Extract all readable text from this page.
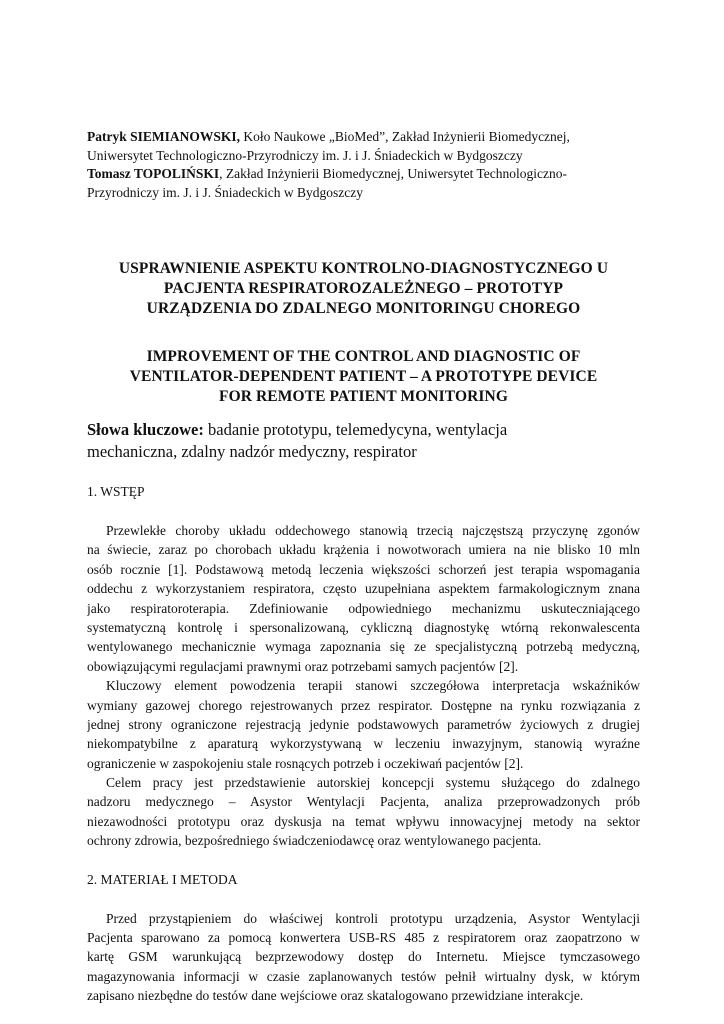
Patryk SIEMIANOWSKI, Koło Naukowe „BioMed”, Zakład Inżynierii Biomedycznej,
Uniwersytet Technologiczno-Przyrodniczy im. J. i J. Śniadeckich w Bydgoszczy
Tomasz TOPOLIŃSKI, Zakład Inżynierii Biomedycznej, Uniwersytet Technologiczno-
Przyrodniczy im. J. i J. Śniadeckich w Bydgoszczy

USPRAWNIENIE ASPEKTU KONTROLNO-DIAGNOSTYCZNEGO U
PACJENTA RESPIRATOROZALEŻNEGO – PROTOTYP
URZĄDZENIA DO ZDALNEGO MONITORINGU CHOREGO
IMPROVEMENT OF THE CONTROL AND DIAGNOSTIC OF
VENTILATOR-DEPENDENT PATIENT – A PROTOTYPE DEVICE
FOR REMOTE PATIENT MONITORING
Słowa kluczowe: badanie prototypu, telemedycyna, wentylacja
mechaniczna, zdalny nadzór medyczny, respirator
1. WSTĘP
Przewlekłe choroby układu oddechowego stanowią trzecią najczęstszą przyczynę zgonów
na świecie, zaraz po chorobach układu krążenia i nowotworach umiera na nie blisko 10 mln
osób rocznie [1]. Podstawową metodą leczenia większości schorzeń jest terapia wspomagania
oddechu z wykorzystaniem respiratora, często uzupełniana aspektem farmakologicznym znana
jako respiratoroterapia. Zdefiniowanie odpowiedniego mechanizmu uskuteczniającego
systematyczną kontrolę i spersonalizowaną, cykliczną diagnostykę wtórną rekonwalescenta
wentylowanego mechanicznie wymaga zapoznania się ze specjalistyczną potrzebą medyczną,
obowiązującymi regulacjami prawnymi oraz potrzebami samych pacjentów [2].
Kluczowy element powodzenia terapii stanowi szczegółowa interpretacja wskaźników
wymiany gazowej chorego rejestrowanych przez respirator. Dostępne na rynku rozwiązania z
jednej strony ograniczone rejestracją jedynie podstawowych parametrów życiowych z drugiej
niekompatybilne z aparaturą wykorzystywaną w leczeniu inwazyjnym, stanowią wyraźne
ograniczenie w zaspokojeniu stale rosnących potrzeb i oczekiwań pacjentów [2].
Celem pracy jest przedstawienie autorskiej koncepcji systemu służącego do zdalnego
nadzoru medycznego – Asystor Wentylacji Pacjenta, analiza przeprowadzonych prób
niezawodności prototypu oraz dyskusja na temat wpływu innowacyjnej metody na sektor
ochrony zdrowia, bezpośredniego świadczeniodawcę oraz wentylowanego pacjenta.
2. MATERIAŁ I METODA
Przed przystąpieniem do właściwej kontroli prototypu urządzenia, Asystor Wentylacji
Pacjenta sparowano za pomocą konwertera USB-RS 485 z respiratorem oraz zaopatrzono w
kartę GSM warunkującą bezprzewodowy dostęp do Internetu. Miejsce tymczasowego
magazynowania informacji w czasie zaplanowanych testów pełnił wirtualny dysk, w którym
zapisano niezbędne do testów dane wejściowe oraz skatalogowano przewidziane interakcje.
